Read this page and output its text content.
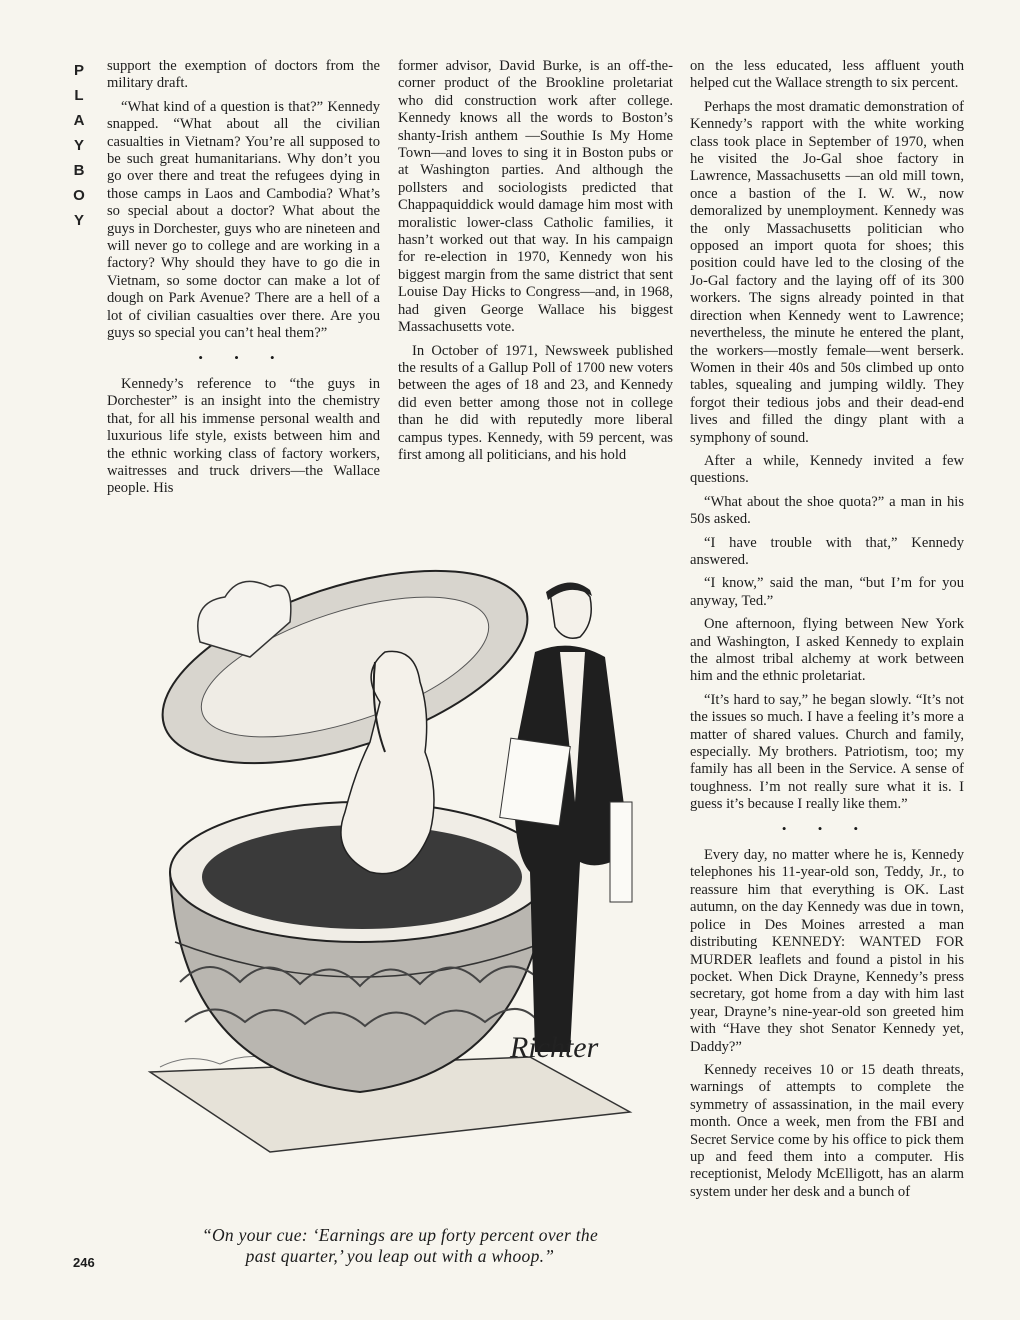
P
L
A
Y
B
O
Y

support the exemption of doctors from the military draft.

“What kind of a question is that?” Kennedy snapped. “What about all the civilian casualties in Vietnam? You’re all supposed to be such great humanitarians. Why don’t you go over there and treat the refugees dying in those camps in Laos and Cambodia? What’s so special about a doctor? What about the guys in Dorchester, guys who are nineteen and will never go to college and are working in a factory? Why should they have to go die in Vietnam, so some doctor can make a lot of dough on Park Avenue? There are a hell of a lot of civilian casualties over there. Are you guys so special you can’t heal them?”

• • •

Kennedy’s reference to “the guys in Dorchester” is an insight into the chemistry that, for all his immense personal wealth and luxurious life style, exists between him and the ethnic working class of factory workers, waitresses and truck drivers—the Wallace people. His

former advisor, David Burke, is an off-the-corner product of the Brookline proletariat who did construction work after college. Kennedy knows all the words to Boston’s shanty-Irish anthem —Southie Is My Home Town—and loves to sing it in Boston pubs or at Washington parties. And although the pollsters and sociologists predicted that Chappaquiddick would damage him most with moralistic lower-class Catholic families, it hasn’t worked out that way. In his campaign for re-election in 1970, Kennedy won his biggest margin from the same district that sent Louise Day Hicks to Congress—and, in 1968, had given George Wallace his biggest Massachusetts vote.

In October of 1971, Newsweek published the results of a Gallup Poll of 1700 new voters between the ages of 18 and 23, and Kennedy did even better among those not in college than he did with reputedly more liberal campus types. Kennedy, with 59 percent, was first among all politicians, and his hold

on the less educated, less affluent youth helped cut the Wallace strength to six percent.

Perhaps the most dramatic demonstration of Kennedy’s rapport with the white working class took place in September of 1970, when he visited the Jo-Gal shoe factory in Lawrence, Massachusetts —an old mill town, once a bastion of the I. W. W., now demoralized by unemployment. Kennedy was the only Massachusetts politician who opposed an import quota for shoes; this position could have led to the closing of the Jo-Gal factory and the laying off of its 300 workers. The signs already pointed in that direction when Kennedy went to Lawrence; nevertheless, the minute he entered the plant, the workers—mostly female—went berserk. Women in their 40s and 50s climbed up onto tables, squealing and jumping wildly. They forgot their tedious jobs and their dead-end lives and filled the dingy plant with a symphony of sound.

After a while, Kennedy invited a few questions.

“What about the shoe quota?” a man in his 50s asked.

“I have trouble with that,” Kennedy answered.

“I know,” said the man, “but I’m for you anyway, Ted.”

One afternoon, flying between New York and Washington, I asked Kennedy to explain the almost tribal alchemy at work between him and the ethnic proletariat.

“It’s hard to say,” he began slowly. “It’s not the issues so much. I have a feeling it’s more a matter of shared values. Church and family, especially. My brothers. Patriotism, too; my family has all been in the Service. A sense of toughness. I’m not really sure what it is. I guess it’s because I really like them.”

• • •

Every day, no matter where he is, Kennedy telephones his 11-year-old son, Teddy, Jr., to reassure him that everything is OK. Last autumn, on the day Kennedy was due in town, police in Des Moines arrested a man distributing KENNEDY: WANTED FOR MURDER leaflets and found a pistol in his pocket. When Dick Drayne, Kennedy’s press secretary, got home from a day with him last year, Drayne’s nine-year-old son greeted him with “Have they shot Senator Kennedy yet, Daddy?”

Kennedy receives 10 or 15 death threats, warnings of attempts to complete the symmetry of assassination, in the mail every month. Once a week, men from the FBI and Secret Service come by his office to pick them up and feed them into a computer. His receptionist, Melody McElligott, has an alarm system under her desk and a bunch of

Richter
“On your cue: ‘Earnings are up forty percent over the
past quarter,’ you leap out with a whoop.”
246
